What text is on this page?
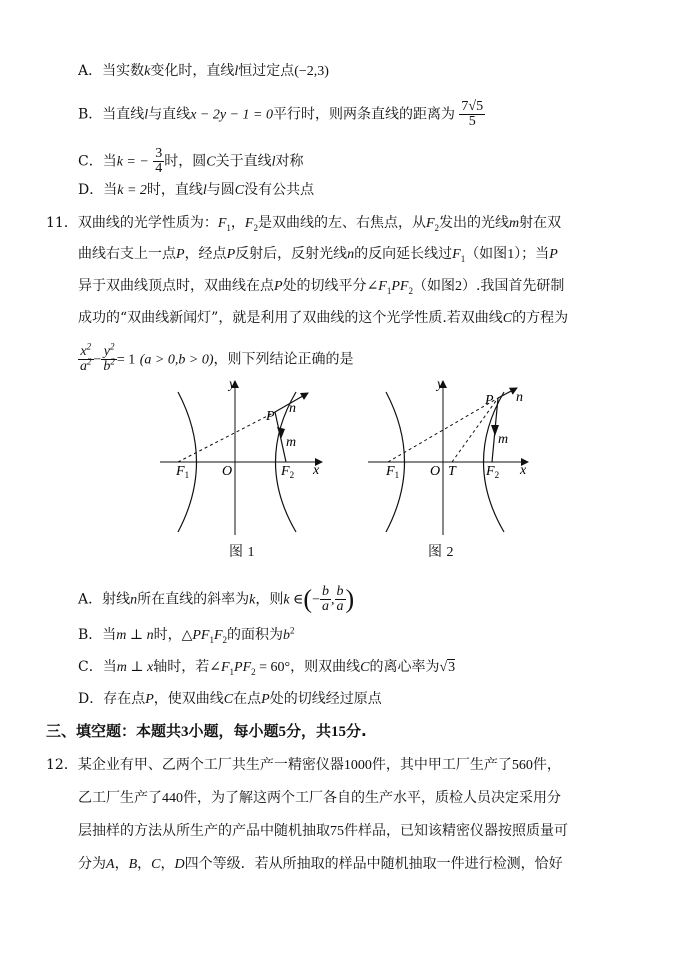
A．当实数k变化时，直线l恒过定点(−2,3)
B．当直线l与直线x − 2y − 1 = 0平行时，则两条直线的距离为 $\frac{7√5}{5}$
C．当k = − $\frac{3}{4}$ 时，圆C关于直线l对称
D．当k = 2时，直线l与圆C没有公共点
11．双曲线的光学性质为：$F_1$，$F_2$是双曲线的左、右焦点，从$F_2$发出的光线m射在双
曲线右支上一点P，经点P反射后，反射光线n的反向延长线过$F_1$（如图1）；当P
异于双曲线顶点时，双曲线在点P处的切线平分$\angle F_1PF_2$（如图2）.我国首先研制
成功的“双曲线新闻灯”，就是利用了双曲线的这个光学性质.若双曲线C的方程为
$\frac{x^2}{a^2} - \frac{y^2}{b^2} = 1$ (a > 0,b > 0)，则下列结论正确的是
y
x
P
n
m
O
$F_1$	$F_2$
y
x
P n
m
O T
$F_1$	$F_2$
图 1	图 2
A．射线n所在直线的斜率为k，则k ∈(− $\frac{b}{a}$ , $\frac{b}{a}$ )
B．当m ⊥ n时，$\triangle PF_1F_2$的面积为$b^2$
C．当m ⊥ x轴时，若$\angle F_1PF_2 = 60^\circ$，则双曲线C的离心率为√3
D．存在点P，使双曲线C在点P处的切线经过原点
三、填空题：本题共3小题，每小题5分，共15分.
12．某企业有甲、乙两个工厂共生产一精密仪器1000件，其中甲工厂生产了560件，
乙工厂生产了440件，为了解这两个工厂各自的生产水平，质检人员决定采用分
层抽样的方法从所生产的产品中随机抽取75件样品，已知该精密仪器按照质量可
分为A，B，C，D四个等级．若从所抽取的样品中随机抽取一件进行检测，恰好
